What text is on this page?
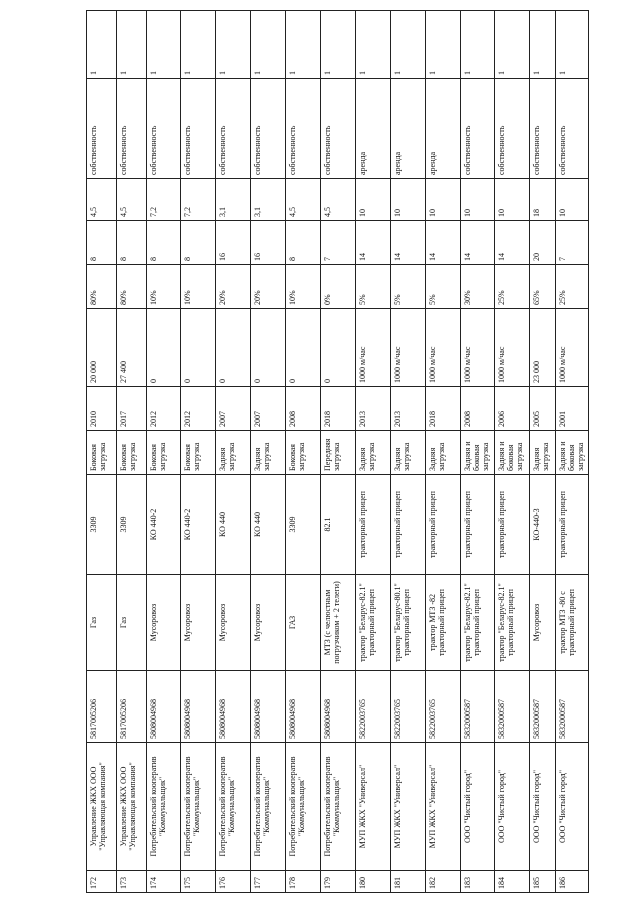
172	Управление ЖКХ ООО "Управляющая компания"	5817005206	Газ	3309	Боковая загрузка	2010	20 000	80%	8	4,5	собственность	1
173	Управление ЖКХ ООО "Управляющая компания"	5817005206	Газ	3309	Боковая загрузка	2017	27 400	80%	8	4,5	собственность	1
174	Потребительский кооператив "Коммунальщик"	5808004968	Мусоровоз	КО 440-2	Боковая загрузка	2012	0	10%	8	7,2	собственность	1
175	Потребительский кооператив "Коммунальщик"	5808004968	Мусоровоз	КО 440-2	Боковая загрузка	2012	0	10%	8	7,2	собственность	1
176	Потребительский кооператив "Коммунальщик"	5808004968	Мусоровоз	КО 440	Задняя загрузка	2007	0	20%	16	3,1	собственность	1
177	Потребительский кооператив "Коммунальщик"	5808004968	Мусоровоз	КО 440	Задняя загрузка	2007	0	20%	16	3,1	собственность	1
178	Потребительский кооператив "Коммунальщик"	5808004968	ГАЗ	3309	Боковая загрузка	2008	0	10%	8	4,5	собственность	1
179	Потребительский кооператив "Коммунальщик"	5808004968	МТЗ (с челюстным погрузчиком + 2 телеги)	82.1	Передняя загрузка	2018	0	0%	7	4,5	собственность	1
180	МУП ЖКХ "Универсал"	5822003765	трактор "Беларус-82.1" тракторный прицеп	тракторный прицеп	Задняя загрузка	2013	1000 м/час	5%	14	10	аренда	1
181	МУП ЖКХ "Универсал"	5822003765	трактор "Беларус-80.1" тракторный прицеп	тракторный прицеп	Задняя загрузка	2013	1000 м/час	5%	14	10	аренда	1
182	МУП ЖКХ "Универсал"	5822003765	трактор МТЗ -82 тракторный прицеп	тракторный прицеп	Задняя загрузка	2018	1000 м/час	5%	14	10	аренда	1
183	ООО "Чистый город"	5832000587	трактор "Беларус-82.1" тракторный прицеп	тракторный прицеп	Задняя и боковая загрузка	2008	1000 м/час	30%	14	10	собственность	1
184	ООО "Чистый город"	5832000587	трактор "Беларус-82.1" тракторный прицеп	тракторный прицеп	Задняя и боковая загрузка	2006	1000 м/час	25%	14	10	собственность	1
185	ООО "Чистый город"	5832000587	Мусоровоз	КО-440-3	Задняя загрузка	2005	23 000	65%	20	18	собственность	1
186	ООО "Чистый город"	5832000587	трактор МТЗ -80 с тракторный прицеп	тракторный прицеп	Задняя и боковая загрузка	2001	1000 м/час	25%	7	10	собственность	1
